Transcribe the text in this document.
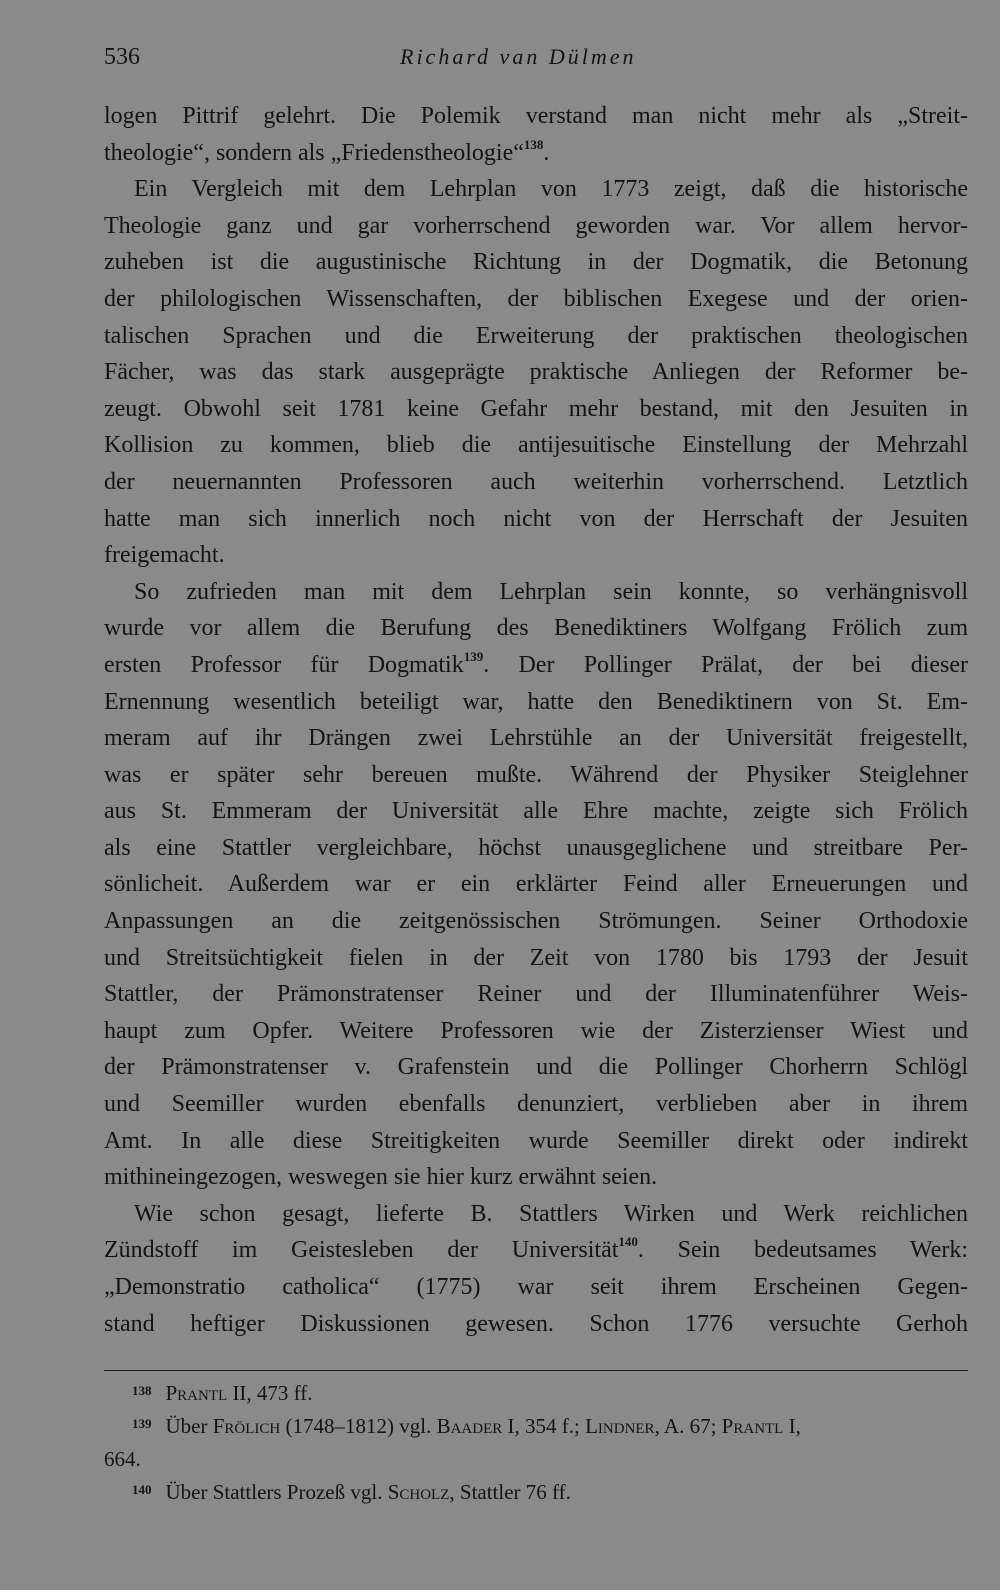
536	Richard van Dülmen
logen Pittrif gelehrt. Die Polemik verstand man nicht mehr als „Streit-
theologie“, sondern als „Friedenstheologie“$^{138}$.
Ein Vergleich mit dem Lehrplan von 1773 zeigt, daß die historische
Theologie ganz und gar vorherrschend geworden war. Vor allem hervor-
zuheben ist die augustinische Richtung in der Dogmatik, die Betonung
der philologischen Wissenschaften, der biblischen Exegese und der orien-
talischen Sprachen und die Erweiterung der praktischen theologischen
Fächer, was das stark ausgeprägte praktische Anliegen der Reformer be-
zeugt. Obwohl seit 1781 keine Gefahr mehr bestand, mit den Jesuiten in
Kollision zu kommen, blieb die antijesuitische Einstellung der Mehrzahl
der neuernannten Professoren auch weiterhin vorherrschend. Letztlich
hatte man sich innerlich noch nicht von der Herrschaft der Jesuiten
freigemacht.
So zufrieden man mit dem Lehrplan sein konnte, so verhängnisvoll
wurde vor allem die Berufung des Benediktiners Wolfgang Frölich zum
ersten Professor für Dogmatik$^{139}$. Der Pollinger Prälat, der bei dieser
Ernennung wesentlich beteiligt war, hatte den Benediktinern von St. Em-
meram auf ihr Drängen zwei Lehrstühle an der Universität freigestellt,
was er später sehr bereuen mußte. Während der Physiker Steiglehner
aus St. Emmeram der Universität alle Ehre machte, zeigte sich Frölich
als eine Stattler vergleichbare, höchst unausgeglichene und streitbare Per-
sönlicheit. Außerdem war er ein erklärter Feind aller Erneuerungen und
Anpassungen an die zeitgenössischen Strömungen. Seiner Orthodoxie
und Streitsüchtigkeit fielen in der Zeit von 1780 bis 1793 der Jesuit
Stattler, der Prämonstratenser Reiner und der Illuminatenführer Weis-
haupt zum Opfer. Weitere Professoren wie der Zisterzienser Wiest und
der Prämonstratenser v. Grafenstein und die Pollinger Chorherrn Schlögl
und Seemiller wurden ebenfalls denunziert, verblieben aber in ihrem
Amt. In alle diese Streitigkeiten wurde Seemiller direkt oder indirekt
mithineingezogen, weswegen sie hier kurz erwähnt seien.
Wie schon gesagt, lieferte B. Stattlers Wirken und Werk reichlichen
Zündstoff im Geistesleben der Universität$^{140}$. Sein bedeutsames Werk:
„Demonstratio catholica“ (1775) war seit ihrem Erscheinen Gegen-
stand heftiger Diskussionen gewesen. Schon 1776 versuchte Gerhoh
$^{138}$ Prantl II, 473 ff.
$^{139}$ Über Frölich (1748–1812) vgl. Baader I, 354 f.; Lindner, A. 67; Prantl I,
664.
$^{140}$ Über Stattlers Prozeß vgl. Scholz, Stattler 76 ff.
